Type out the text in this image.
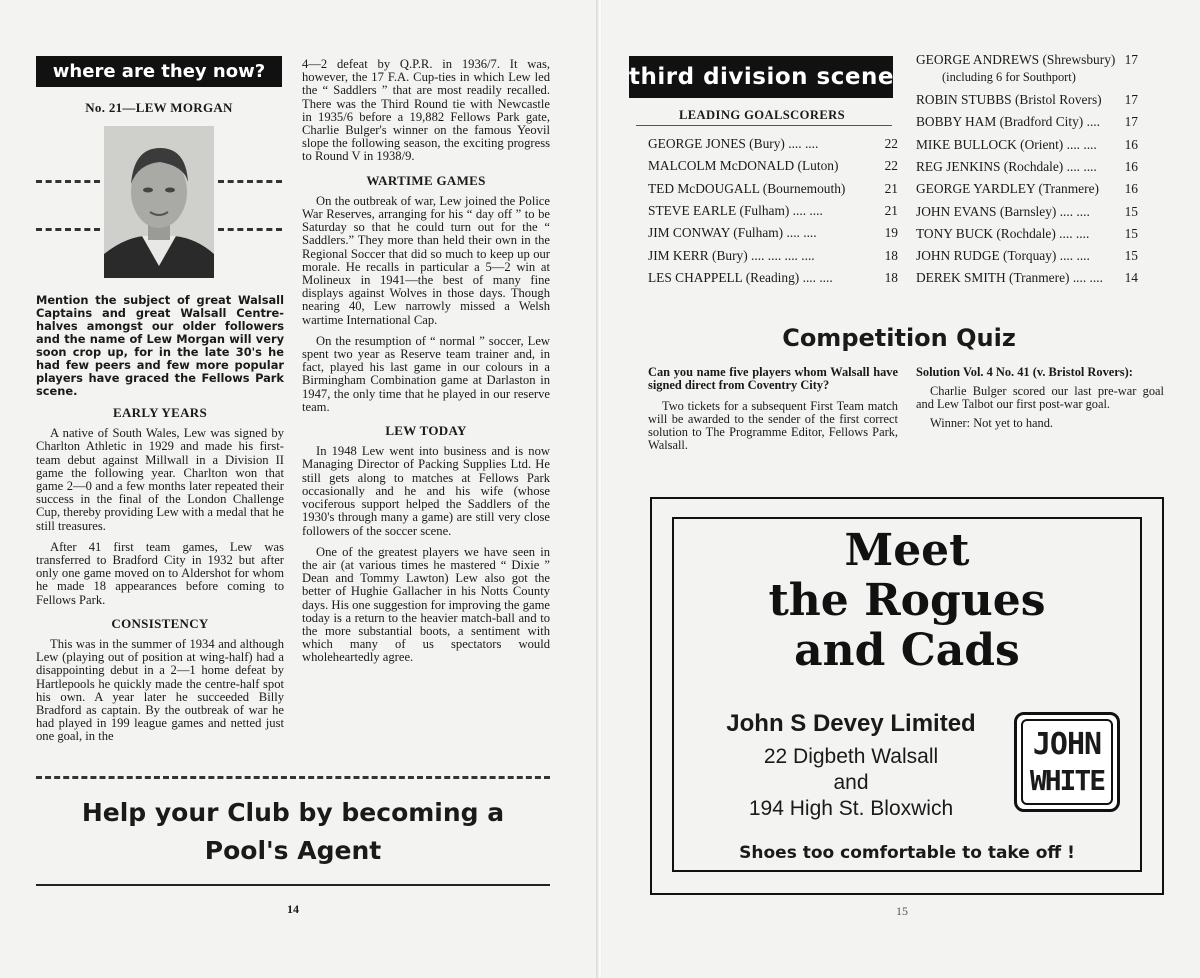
where are they now?
No. 21—LEW MORGAN
Mention the subject of great Walsall Captains and great Walsall Centre-halves amongst our older followers and the name of Lew Morgan will very soon crop up, for in the late 30's he had few peers and few more popular players have graced the Fellows Park scene.
EARLY YEARS

A native of South Wales, Lew was signed by Charlton Athletic in 1929 and made his first-team debut against Millwall in a Division II game the following year. Charlton won that game 2—0 and a few months later repeated their success in the final of the London Challenge Cup, thereby providing Lew with a medal that he still treasures.

After 41 first team games, Lew was transferred to Bradford City in 1932 but after only one game moved on to Aldershot for whom he made 18 appearances before coming to Fellows Park.

CONSISTENCY

This was in the summer of 1934 and although Lew (playing out of position at wing-half) had a disappointing debut in a 2—1 home defeat by Hartlepools he quickly made the centre-half spot his own. A year later he succeeded Billy Bradford as captain. By the outbreak of war he had played in 199 league games and netted just one goal, in the

4—2 defeat by Q.P.R. in 1936/7. It was, however, the 17 F.A. Cup-ties in which Lew led the “ Saddlers ” that are most readily recalled. There was the Third Round tie with Newcastle in 1935/6 before a 19,882 Fellows Park gate, Charlie Bulger's winner on the famous Yeovil slope the following season, the exciting progress to Round V in 1938/9.

WARTIME GAMES

On the outbreak of war, Lew joined the Police War Reserves, arranging for his “ day off ” to be Saturday so that he could turn out for the “ Saddlers.” They more than held their own in the Regional Soccer that did so much to keep up our morale. He recalls in particular a 5—2 win at Molineux in 1941—the best of many fine displays against Wolves in those days. Though nearing 40, Lew narrowly missed a Welsh wartime International Cap.

On the resumption of “ normal ” soccer, Lew spent two year as Reserve team trainer and, in fact, played his last game in our colours in a Birmingham Combination game at Darlaston in 1947, the only time that he played in our reserve team.

LEW TODAY

In 1948 Lew went into business and is now Managing Director of Packing Supplies Ltd. He still gets along to matches at Fellows Park occasionally and he and his wife (whose vociferous support helped the Saddlers of the 1930's through many a game) are still very close followers of the soccer scene.

One of the greatest players we have seen in the air (at various times he mastered “ Dixie ” Dean and Tommy Lawton) Lew also got the better of Hughie Gallacher in his Notts County days. His one suggestion for improving the game today is a return to the heavier match-ball and to the more substantial boots, a sentiment with which many of us spectators would wholeheartedly agree.

Help your Club by becoming a
Pool's Agent
14
third division scene
LEADING GOALSCORERS
GEORGE JONES (Bury) .... ....	22
MALCOLM McDONALD (Luton)	22
TED McDOUGALL (Bournemouth)	21
STEVE EARLE (Fulham) .... ....	21
JIM CONWAY (Fulham) .... ....	19
JIM KERR (Bury) .... .... .... ....	18
LES CHAPPELL (Reading) .... ....	18
GEORGE ANDREWS (Shrewsbury) 17
(including 6 for Southport)
ROBIN STUBBS (Bristol Rovers)	17
BOBBY HAM (Bradford City) ....	17
MIKE BULLOCK (Orient) .... ....	16
REG JENKINS (Rochdale) .... ....	16
GEORGE YARDLEY (Tranmere)	16
JOHN EVANS (Barnsley) .... ....	15
TONY BUCK (Rochdale) .... ....	15
JOHN RUDGE (Torquay) .... ....	15
DEREK SMITH (Tranmere) .... ....	14
Competition Quiz

Can you name five players whom Walsall have signed direct from Coventry City?

Two tickets for a subsequent First Team match will be awarded to the sender of the first correct solution to The Programme Editor, Fellows Park, Walsall.

Solution Vol. 4 No. 41 (v. Bristol Rovers):

Charlie Bulger scored our last pre-war goal and Lew Talbot our first post-war goal.

Winner: Not yet to hand.

Meet
the Rogues
and Cads
John S Devey Limited
22 Digbeth Walsall
and
194 High St. Bloxwich
JOHN
WHITE
Shoes too comfortable to take off !
15
